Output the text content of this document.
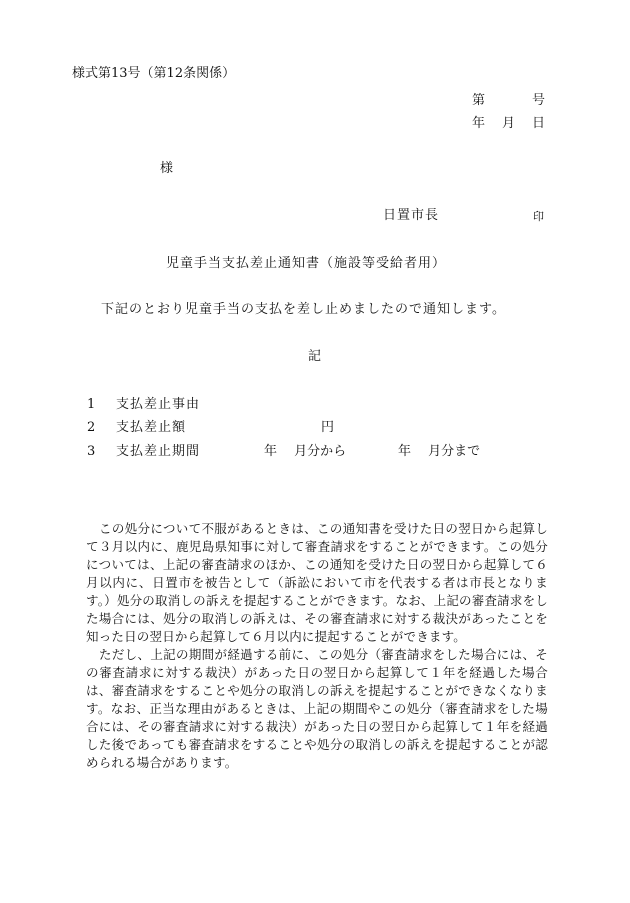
様式第13号（第12条関係）
第	号
年 月 日
様
日置市長	印
児童手当支払差止通知書（施設等受給者用）
下記のとおり児童手当の支払を差し止めましたので通知します。
記
1 支払差止事由
2 支払差止額	円
3 支払差止期間	年　 月分から	年　 月分まで
この処分について不服があるときは、この通知書を受けた日の翌日から起算して３月以内に、鹿児島県知事に対して審査請求をすることができます。この処分については、上記の審査請求のほか、この通知を受けた日の翌日から起算して６月以内に、日置市を被告として（訴訟において市を代表する者は市長となります。）処分の取消しの訴えを提起することができます。なお、上記の審査請求をした場合には、処分の取消しの訴えは、その審査請求に対する裁決があったことを知った日の翌日から起算して６月以内に提起することができます。
ただし、上記の期間が経過する前に、この処分（審査請求をした場合には、その審査請求に対する裁決）があった日の翌日から起算して１年を経過した場合は、審査請求をすることや処分の取消しの訴えを提起することができなくなります。なお、正当な理由があるときは、上記の期間やこの処分（審査請求をした場合には、その審査請求に対する裁決）があった日の翌日から起算して１年を経過した後であっても審査請求をすることや処分の取消しの訴えを提起することが認められる場合があります。
